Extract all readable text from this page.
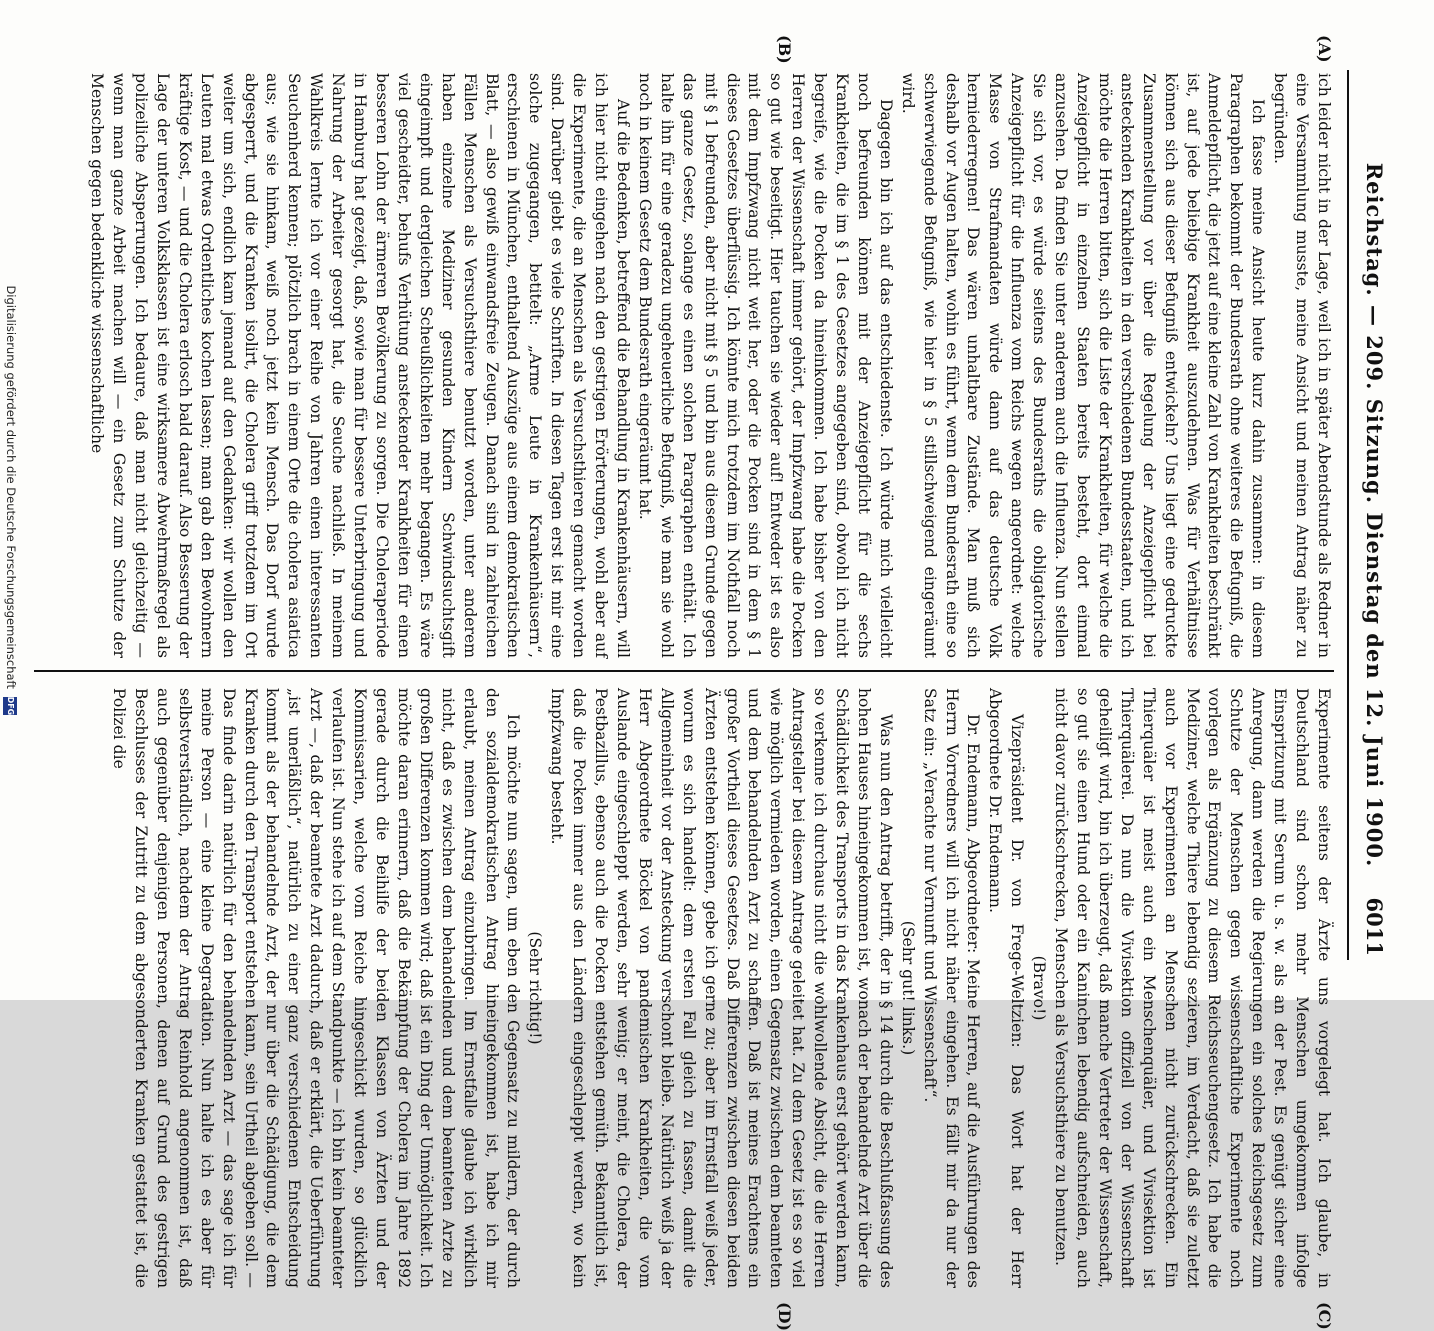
Reichstag. — 209. Sitzung. Dienstag den 12. Juni 1900.
6011
(A)
(B)
(C)
(D)

ich leider nicht in der Lage, weil ich in später Abendstunde als Redner in eine Versammlung musste, meine Ansicht und meinen Antrag näher zu begründen.

Ich fasse meine Ansicht heute kurz dahin zusammen: in diesem Paragraphen bekommt der Bundesrath ohne weiteres die Befugniß, die Anmeldepflicht, die jetzt auf eine kleine Zahl von Krankheiten beschränkt ist, auf jede beliebige Krankheit auszudehnen. Was für Verhältnisse können sich aus dieser Befugniß entwickeln? Uns liegt eine gedruckte Zusammenstellung vor über die Regelung der Anzeigepflicht bei ansteckenden Krankheiten in den verschiedenen Bundesstaaten, und ich möchte die Herren bitten, sich die Liste der Krankheiten, für welche die Anzeigepflicht in einzelnen Staaten bereits besteht, dort einmal anzusehen. Da finden Sie unter anderem auch die Influenza. Nun stellen Sie sich vor, es würde seitens des Bundesraths die obligatorische Anzeigepflicht für die Influenza vom Reichs wegen angeordnet: welche Masse von Strafmandaten würde dann auf das deutsche Volk herniederregnen! Das wären unhaltbare Zustände. Man muß sich deshalb vor Augen halten, wohin es führt, wenn dem Bundesrath eine so schwerwiegende Befugniß, wie hier in § 5 stillschweigend eingeräumt wird.

Dagegen bin ich auf das entschiedenste. Ich würde mich vielleicht noch befreunden können mit der Anzeigepflicht für die sechs Krankheiten, die im § 1 des Gesetzes angegeben sind, obwohl ich nicht begreife, wie die Pocken da hineinkommen. Ich habe bisher von den Herren der Wissenschaft immer gehört, der Impfzwang habe die Pocken so gut wie beseitigt. Hier tauchen sie wieder auf! Entweder ist es also mit dem Impfzwang nicht weit her, oder die Pocken sind in dem § 1 dieses Gesetzes überflüssig. Ich könnte mich trotzdem im Nothfall noch mit § 1 befreunden, aber nicht mit § 5 und bin aus diesem Grunde gegen das ganze Gesetz, solange es einen solchen Paragraphen enthält. Ich halte ihn für eine geradezu ungeheuerliche Befugniß, wie man sie wohl noch in keinem Gesetz dem Bundesrath eingeräumt hat.

Auf die Bedenken, betreffend die Behandlung in Krankenhäusern, will ich hier nicht eingehen nach den gestrigen Erörterungen, wohl aber auf die Experimente, die an Menschen als Versuchsthieren gemacht worden sind. Darüber giebt es viele Schriften. In diesen Tagen erst ist mir eine solche zugegangen, betitelt: „Arme Leute in Krankenhäusern“, erschienen in München, enthaltend Auszüge aus einem demokratischen Blatt, — also gewiß einwandsfreie Zeugen. Danach sind in zahlreichen Fällen Menschen als Versuchsthiere benutzt worden, unter anderem haben einzelne Mediziner gesunden Kindern Schwindsuchtsgift eingeimpft und dergleichen Scheußlichkeiten mehr begangen. Es wäre viel gescheidter, behufs Verhütung ansteckender Krankheiten für einen besseren Lohn der ärmeren Bevölkerung zu sorgen. Die Choleraperiode in Hamburg hat gezeigt, daß, sowie man für bessere Unterbringung und Nahrung der Arbeiter gesorgt hat, die Seuche nachließ. In meinem Wahlkreis lernte ich vor einer Reihe von Jahren einen interessanten Seuchenherd kennen; plötzlich brach in einem Orte die cholera asiatica aus; wie sie hinkam, weiß noch jetzt kein Mensch. Das Dorf wurde abgesperrt, und die Kranken isolirt, die Cholera griff trotzdem im Ort weiter um sich, endlich kam jemand auf den Gedanken: wir wollen den Leuten mal etwas Ordentliches kochen lassen; man gab den Bewohnern kräftige Kost, — und die Cholera erlosch bald darauf. Also Besserung der Lage der unteren Volksklassen ist eine wirksamere Abwehrmaßregel als polizeiliche Absperrungen. Ich bedaure, daß man nicht gleichzeitig — wenn man ganze Arbeit machen will — ein Gesetz zum Schutze der Menschen gegen bedenkliche wissenschaftliche

Experimente seitens der Ärzte uns vorgelegt hat. Ich glaube, in Deutschland sind schon mehr Menschen umgekommen infolge Einspritzung mit Serum u. s. w. als an der Pest. Es genügt sicher eine Anregung, dann werden die Regierungen ein solches Reichsgesetz zum Schutze der Menschen gegen wissenschaftliche Experimente noch vorlegen als Ergänzung zu diesem Reichsseuchengesetz. Ich habe die Mediziner, welche Thiere lebendig sezieren, im Verdacht, daß sie zuletzt auch vor Experimenten an Menschen nicht zurückschrecken. Ein Thierquäler ist meist auch ein Menschenquäler, und Vivisektion ist Thierquälerei. Da nun die Vivisektion offiziell von der Wissenschaft geheiligt wird, bin ich überzeugt, daß manche Vertreter der Wissenschaft, so gut sie einen Hund oder ein Kaninchen lebendig aufschneiden, auch nicht davor zurückschrecken, Menschen als Versuchsthiere zu benutzen.

(Bravo!)

Vizepräsident Dr. von Frege-Weltzien: Das Wort hat der Herr Abgeordnete Dr. Endemann.

Dr. Endemann, Abgeordneter: Meine Herren, auf die Ausführungen des Herrn Vorredners will ich nicht näher eingehen. Es fällt mir da nur der Satz ein: „Verachte nur Vernunft und Wissenschaft“.

(Sehr gut! links.)

Was nun den Antrag betrifft, der in § 14 durch die Beschlußfassung des hohen Hauses hineingekommen ist, wonach der behandelnde Arzt über die Schädlichkeit des Transports in das Krankenhaus erst gehört werden kann, so verkenne ich durchaus nicht die wohlwollende Absicht, die die Herren Antragsteller bei diesem Antrage geleitet hat. Zu dem Gesetz ist es so viel wie möglich vermieden worden, einen Gegensatz zwischen dem beamteten und dem behandelnden Arzt zu schaffen. Daß ist meines Erachtens ein großer Vortheil dieses Gesetzes. Daß Differenzen zwischen diesen beiden Ärzten entstehen können, gebe ich gerne zu; aber im Ernstfall weiß jeder, worum es sich handelt: dem ersten Fall gleich zu fassen, damit die Allgemeinheit vor der Ansteckung verschont bleibe. Natürlich weiß ja der Herr Abgeordnete Böckel von pandemischen Krankheiten, die vom Auslande eingeschleppt werden, sehr wenig; er meint, die Cholera, der Pestbazillus, ebenso auch die Pocken entstehen gemüth. Bekanntlich ist, daß die Pocken immer aus den Ländern eingeschleppt werden, wo kein Impfzwang besteht.

(Sehr richtig!)

Ich möchte nun sagen, um eben den Gegensatz zu mildern, der durch den sozialdemokratischen Antrag hineingekommen ist, habe ich mir erlaubt, meinen Antrag einzubringen. Im Ernstfalle glaube ich wirklich nicht, daß es zwischen dem behandelnden und dem beamteten Arzte zu großen Differenzen kommen wird; daß ist ein Ding der Unmöglichkeit. Ich möchte daran erinnern, daß die Bekämpfung der Cholera im Jahre 1892 gerade durch die Beihilfe der beiden Klassen von Ärzten und der Kommissarien, welche vom Reiche hingeschickt wurden, so glücklich verlaufen ist. Nun stehe ich auf dem Standpunkte — ich bin kein beamteter Arzt —, daß der beamtete Arzt dadurch, daß er erklärt, die Ueberführung „ist unerläßlich“, natürlich zu einer ganz verschiedenen Entscheidung kommt als der behandelnde Arzt, der nur über die Schädigung, die dem Kranken durch den Transport entstehen kann, sein Urtheil abgeben soll. — Das finde darin natürlich für den behandelnden Arzt — das sage ich für meine Person — eine kleine Degradation. Nun halte ich es aber für selbstverständlich, nachdem der Antrag Reinhold angenommen ist, daß auch gegenüber denjenigen Personen, denen auf Grund des gestrigen Beschlusses der Zutritt zu dem abgesonderten Kranken gestattet ist, die Polizei die

Digitalisierung gefördert durch die Deutsche Forschungsgemeinschaft DFG
